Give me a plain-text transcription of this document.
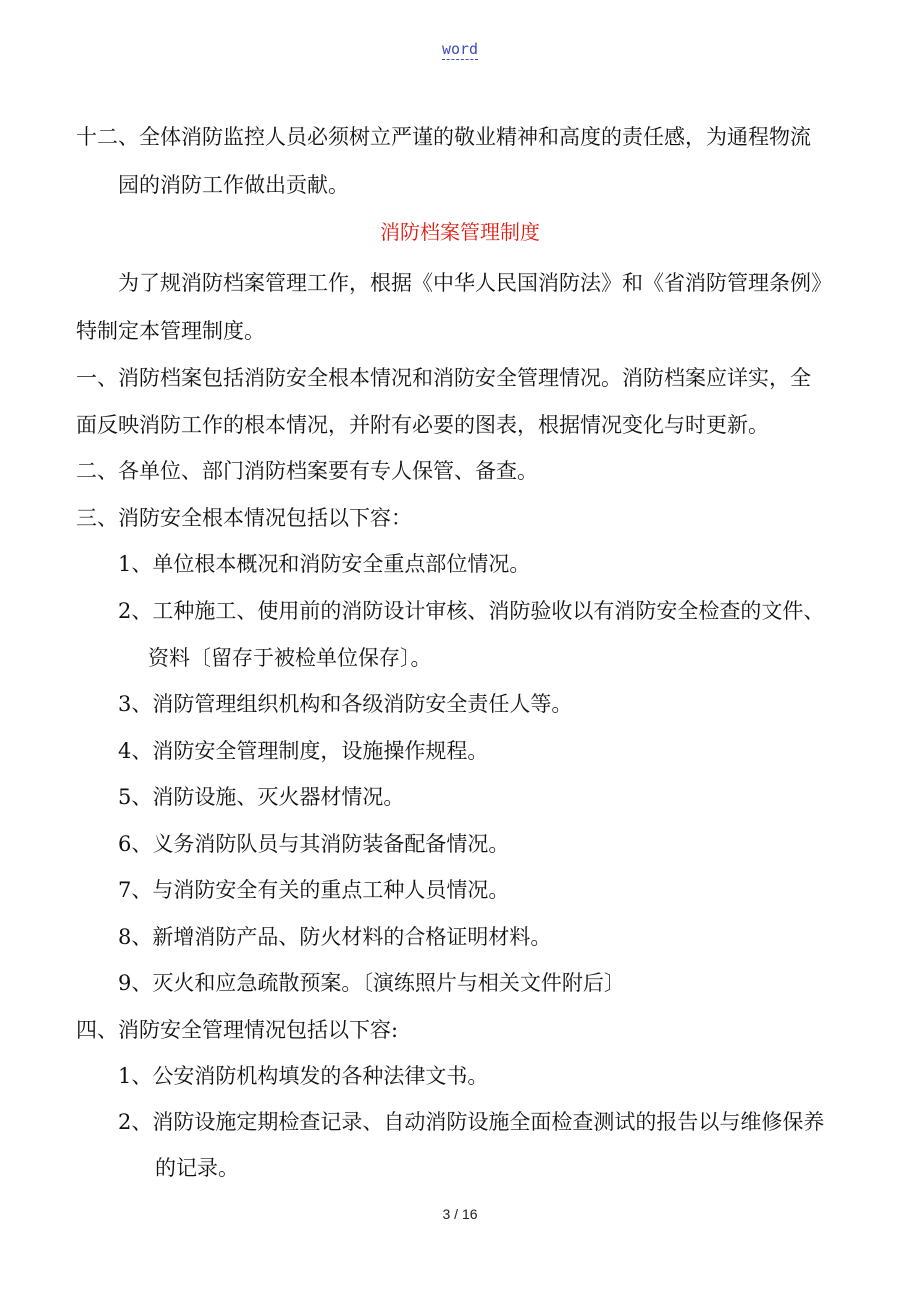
word
十二、全体消防监控人员必须树立严谨的敬业精神和高度的责任感，为通程物流
园的消防工作做出贡献。
消防档案管理制度
为了规消防档案管理工作，根据《中华人民国消防法》和《省消防管理条例》
特制定本管理制度。
一、消防档案包括消防安全根本情况和消防安全管理情况。消防档案应详实，全
面反映消防工作的根本情况，并附有必要的图表，根据情况变化与时更新。
二、各单位、部门消防档案要有专人保管、备查。
三、消防安全根本情况包括以下容：
1、单位根本概况和消防安全重点部位情况。
2、工种施工、使用前的消防设计审核、消防验收以有消防安全检查的文件、
资料〔留存于被检单位保存〕。
3、消防管理组织机构和各级消防安全责任人等。
4、消防安全管理制度，设施操作规程。
5、消防设施、灭火器材情况。
6、义务消防队员与其消防装备配备情况。
7、与消防安全有关的重点工种人员情况。
8、新增消防产品、防火材料的合格证明材料。
9、灭火和应急疏散预案。〔演练照片与相关文件附后〕
四、消防安全管理情况包括以下容:
1、公安消防机构填发的各种法律文书。
2、消防设施定期检查记录、自动消防设施全面检查测试的报告以与维修保养
的记录。
3 / 16
